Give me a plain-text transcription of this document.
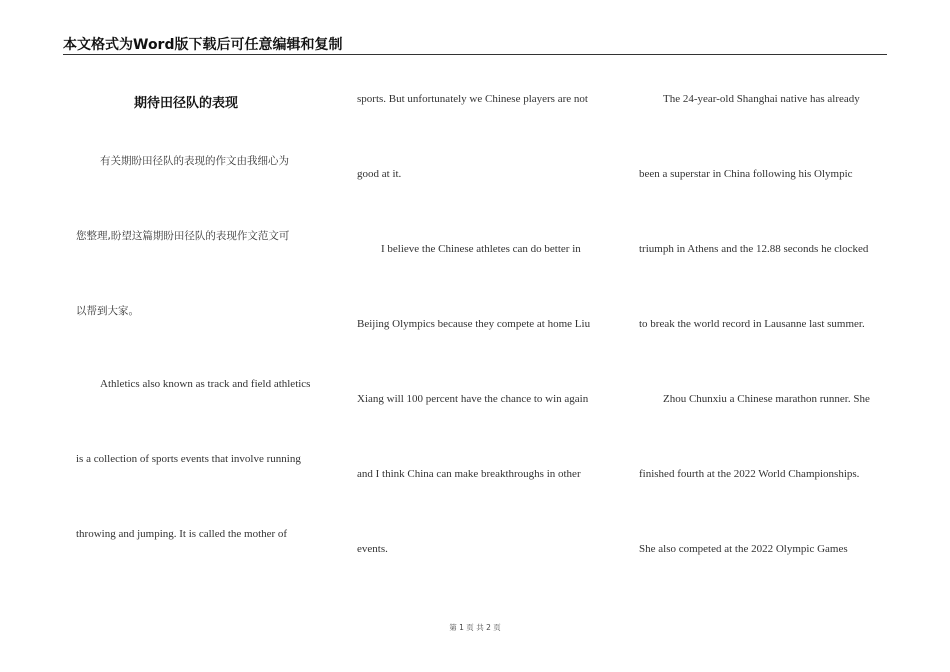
本文格式为Word版下载后可任意编辑和复制
期待田径队的表现
有关期盼田径队的表现的作文由我细心为
您整理,盼望这篇期盼田径队的表现作文范文可
以帮到大家。
Athletics also known as track and field athletics
is a collection of sports events that involve running
throwing and jumping. It is called the mother of
sports. But unfortunately we Chinese players are not
good at it.
I believe the Chinese athletes can do better in
Beijing Olympics because they compete at home Liu
Xiang will 100 percent have the chance to win again
and I think China can make breakthroughs in other
events.
The 24-year-old Shanghai native has already
been a superstar in China following his Olympic
triumph in Athens and the 12.88 seconds he clocked
to break the world record in Lausanne last summer.
Zhou Chunxiu a Chinese marathon runner. She
finished fourth at the 2022 World Championships.
She also competed at the 2022 Olympic Games
第 1 页 共 2 页
